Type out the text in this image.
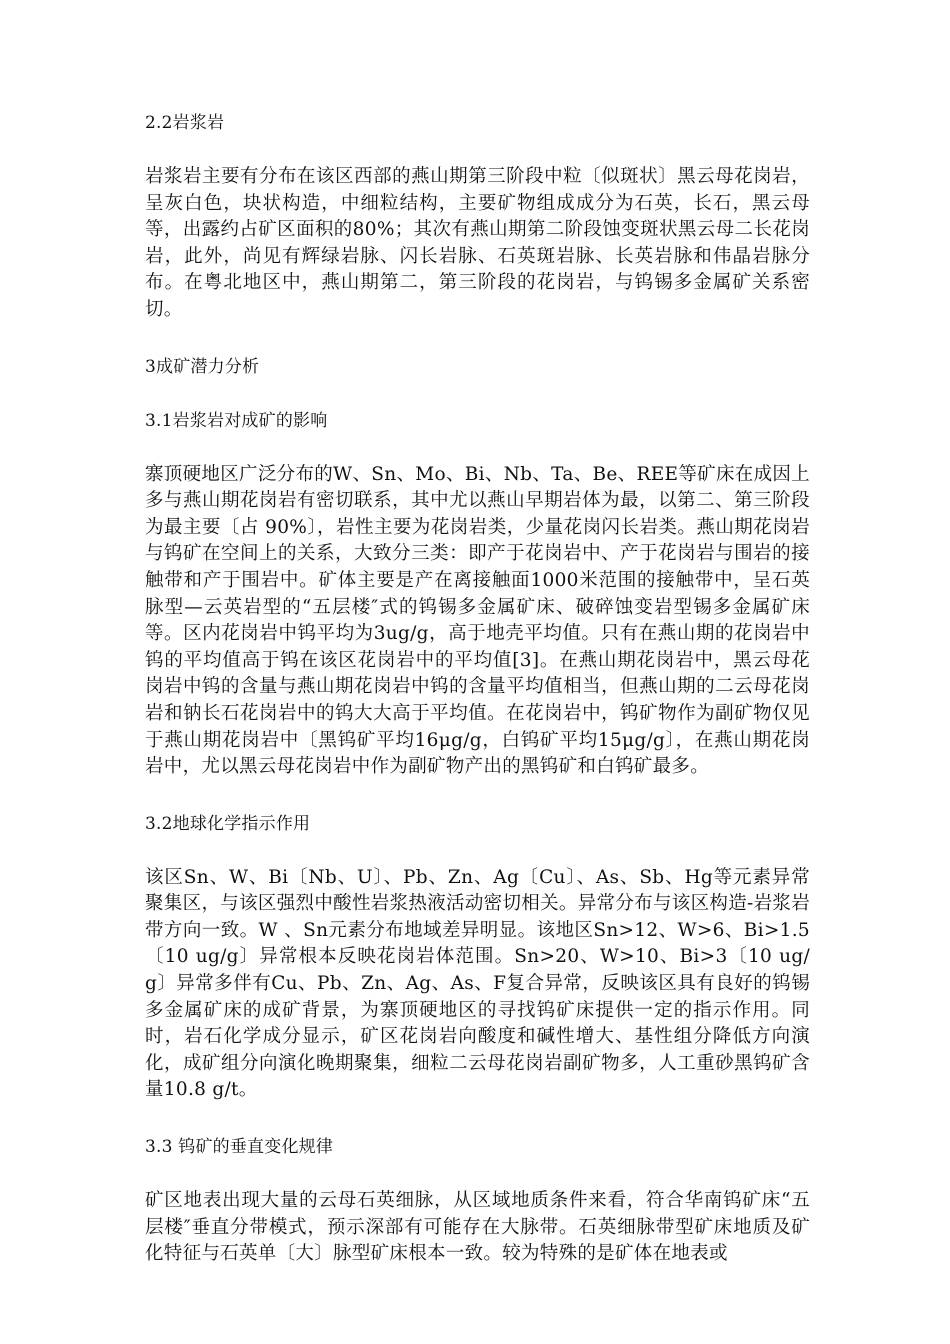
2.2岩浆岩

岩浆岩主要有分布在该区西部的燕山期第三阶段中粒〔似斑状〕黑云母花岗岩，呈灰白色，块状构造，中细粒结构，主要矿物组成成分为石英，长石，黑云母等，出露约占矿区面积的80%；其次有燕山期第二阶段蚀变斑状黑云母二长花岗岩，此外，尚见有辉绿岩脉、闪长岩脉、石英斑岩脉、长英岩脉和伟晶岩脉分布。在粤北地区中，燕山期第二，第三阶段的花岗岩，与钨锡多金属矿关系密切。

3成矿潜力分析
3.1岩浆岩对成矿的影响

寨顶硬地区广泛分布的W、Sn、Mo、Bi、Nb、Ta、Be、REE等矿床在成因上多与燕山期花岗岩有密切联系，其中尤以燕山早期岩体为最，以第二、第三阶段为最主要〔占 90%〕，岩性主要为花岗岩类，少量花岗闪长岩类。燕山期花岗岩与钨矿在空间上的关系，大致分三类：即产于花岗岩中、产于花岗岩与围岩的接触带和产于围岩中。矿体主要是产在离接触面1000米范围的接触带中，呈石英脉型—云英岩型的“五层楼″式的钨锡多金属矿床、破碎蚀变岩型锡多金属矿床等。区内花岗岩中钨平均为3ug/g，高于地壳平均值。只有在燕山期的花岗岩中钨的平均值高于钨在该区花岗岩中的平均值[3]。在燕山期花岗岩中，黑云母花岗岩中钨的含量与燕山期花岗岩中钨的含量平均值相当，但燕山期的二云母花岗岩和钠长石花岗岩中的钨大大高于平均值。在花岗岩中，钨矿物作为副矿物仅见于燕山期花岗岩中〔黑钨矿平均16μg/g，白钨矿平均15μg/g〕，在燕山期花岗岩中，尤以黑云母花岗岩中作为副矿物产出的黑钨矿和白钨矿最多。

3.2地球化学指示作用

该区Sn、W、Bi〔Nb、U〕、Pb、Zn、Ag〔Cu〕、As、Sb、Hg等元素异常聚集区，与该区强烈中酸性岩浆热液活动密切相关。异常分布与该区构造-岩浆岩带方向一致。W 、Sn元素分布地域差异明显。该地区Sn>12、W>6、Bi>1.5〔10 ug/g〕异常根本反映花岗岩体范围。Sn>20、W>10、Bi>3〔10 ug/g〕异常多伴有Cu、Pb、Zn、Ag、As、F复合异常，反映该区具有良好的钨锡多金属矿床的成矿背景，为寨顶硬地区的寻找钨矿床提供一定的指示作用。同时，岩石化学成分显示，矿区花岗岩向酸度和碱性增大、基性组分降低方向演化，成矿组分向演化晚期聚集，细粒二云母花岗岩副矿物多，人工重砂黑钨矿含量10.8 g/t。

3.3 钨矿的垂直变化规律

矿区地表出现大量的云母石英细脉，从区域地质条件来看，符合华南钨矿床“五层楼″垂直分带模式，预示深部有可能存在大脉带。石英细脉带型矿床地质及矿化特征与石英单〔大〕脉型矿床根本一致。较为特殊的是矿体在地表或
